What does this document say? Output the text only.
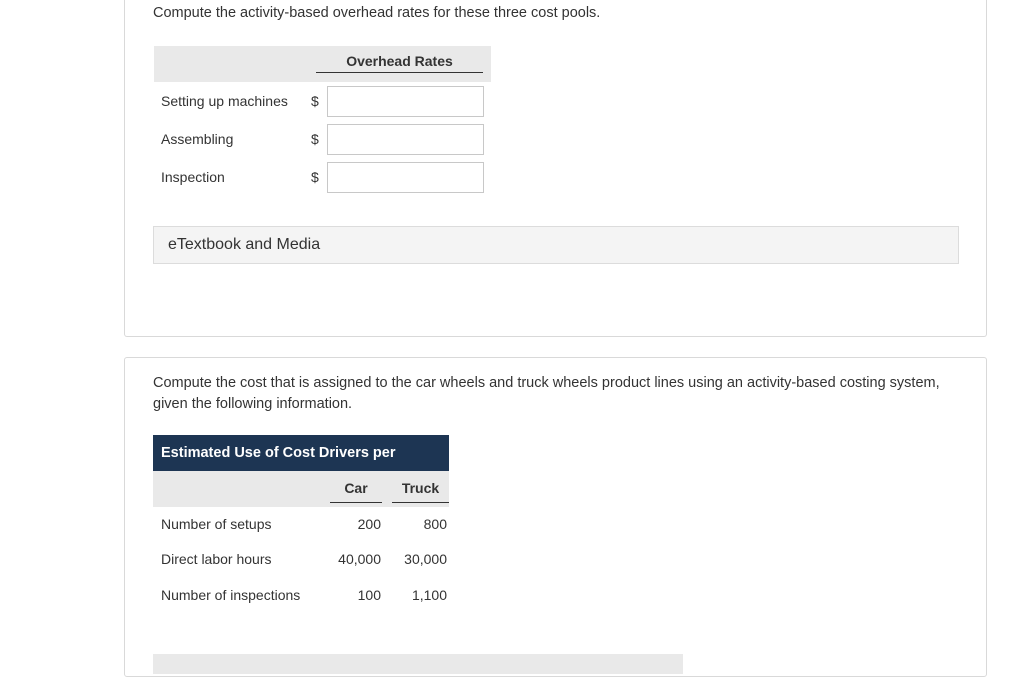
Compute the activity-based overhead rates for these three cost pools.
Overhead Rates
Setting up machines $
Assembling	$
Inspection	$
eTextbook and Media
Compute the cost that is assigned to the car wheels and truck wheels product lines using an activity-based costing system, given the following information.
Estimated Use of Cost Drivers per
Car	Truck
Number of setups	200	800
Direct labor hours	40,000 30,000
Number of inspections	100 1,100
